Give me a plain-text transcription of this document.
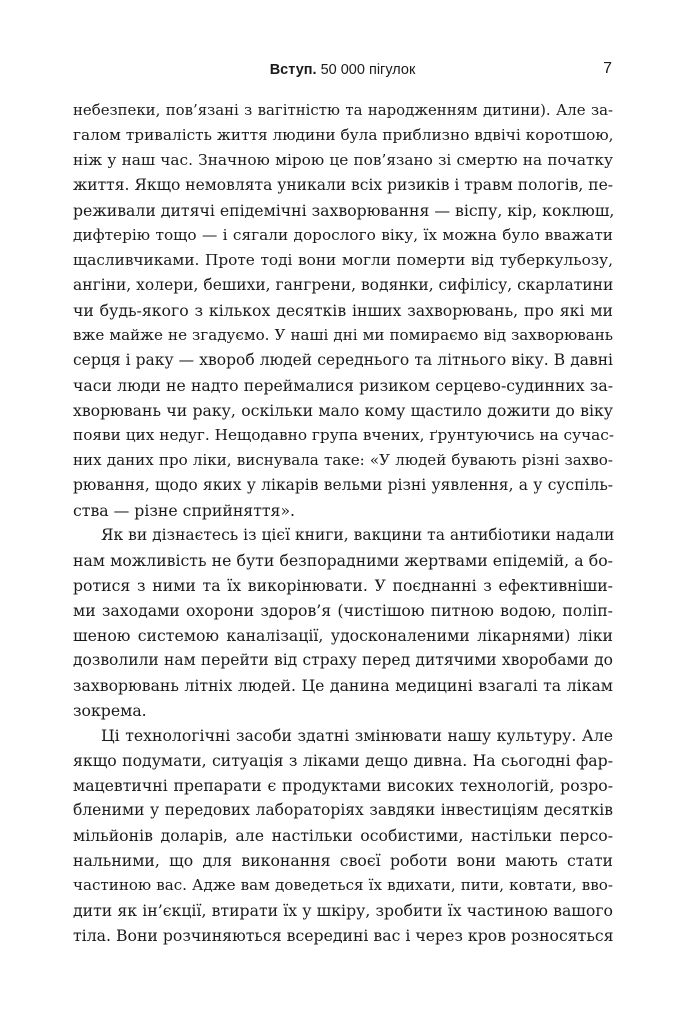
Вступ. 50 000 пігулок	7
небезпеки, пов’язані з вагітністю та народженням дитини). Але за-
галом тривалість життя людини була приблизно вдвічі коротшою,
ніж у наш час. Значною мірою це пов’язано зі смертю на початку
життя. Якщо немовлята уникали всіх ризиків і травм пологів, пе-
реживали дитячі епідемічні захворювання — віспу, кір, коклюш,
дифтерію тощо — і сягали дорослого віку, їх можна було вважати
щасливчиками. Проте тоді вони могли померти від туберкульозу,
ангіни, холери, бешихи, гангрени, водянки, сифілісу, скарлатини
чи будь-якого з кількох десятків інших захворювань, про які ми
вже майже не згадуємо. У наші дні ми помираємо від захворювань
серця і раку — хвороб людей середнього та літнього віку. В давні
часи люди не надто переймалися ризиком серцево-судинних за-
хворювань чи раку, оскільки мало кому щастило дожити до віку
появи цих недуг. Нещодавно група вчених, ґрунтуючись на сучас-
них даних про ліки, виснувала таке: «У людей бувають різні захво-
рювання, щодо яких у лікарів вельми різні уявлення, а у суспіль-
ства — різне сприйняття».
Як ви дізнаєтесь із цієї книги, вакцини та антибіотики надали
нам можливість не бути безпорадними жертвами епідемій, а бо-
ротися з ними та їх викорінювати. У поєднанні з ефективніши-
ми заходами охорони здоров’я (чистішою питною водою, поліп-
шеною системою каналізації, удосконаленими лікарнями) ліки
дозволили нам перейти від страху перед дитячими хворобами до
захворювань літніх людей. Це данина медицині взагалі та лікам
зокрема.
Ці технологічні засоби здатні змінювати нашу культуру. Але
якщо подумати, ситуація з ліками дещо дивна. На сьогодні фар-
мацевтичні препарати є продуктами високих технологій, розро-
бленими у передових лабораторіях завдяки інвестиціям десятків
мільйонів доларів, але настільки особистими, настільки персо-
нальними, що для виконання своєї роботи вони мають стати
частиною вас. Адже вам доведеться їх вдихати, пити, ковтати, вво-
дити як ін’єкції, втирати їх у шкіру, зробити їх частиною вашого
тіла. Вони розчиняються всередині вас і через кров розносяться
